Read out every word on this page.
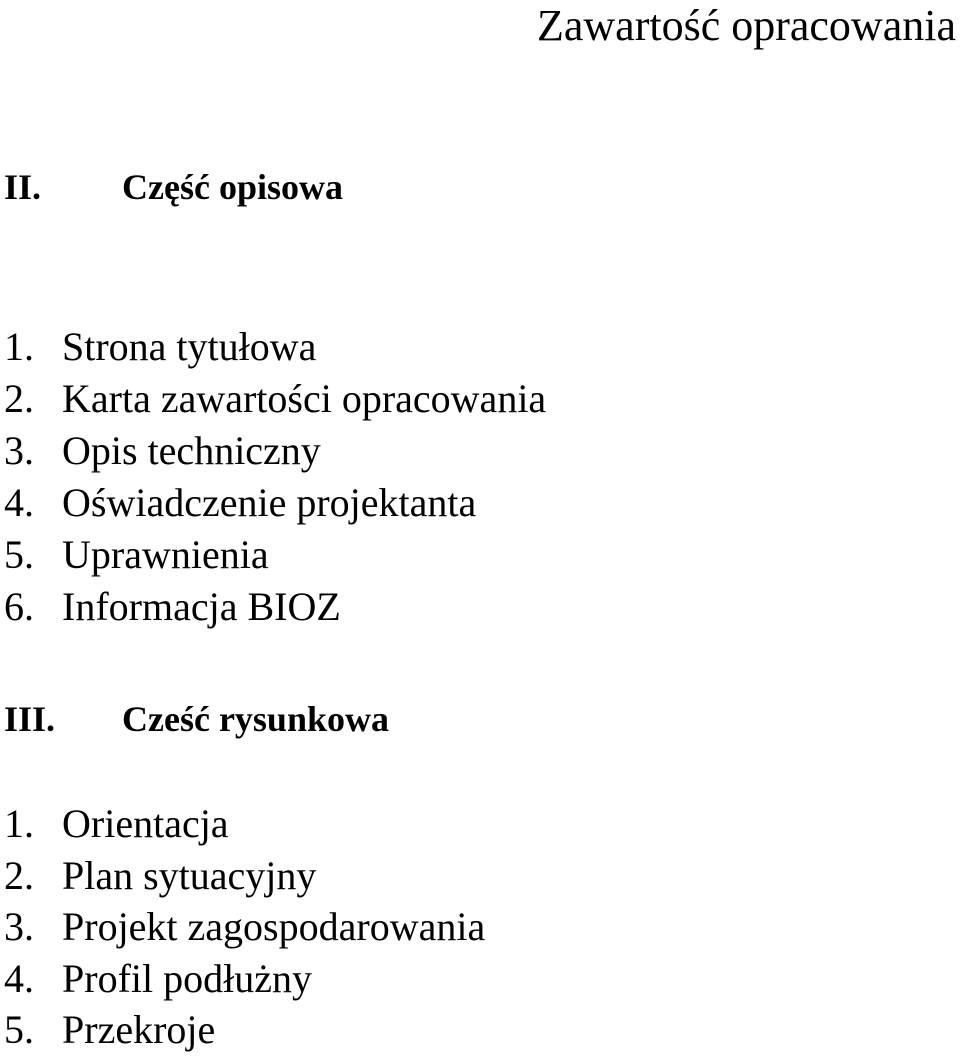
Zawartość opracowania
II. Część opisowa
1. Strona tytułowa
2. Karta zawartości opracowania
3. Opis techniczny
4. Oświadczenie projektanta
5. Uprawnienia
6. Informacja BIOZ
III. Cześć rysunkowa
1. Orientacja
2. Plan sytuacyjny
3. Projekt zagospodarowania
4. Profil podłużny
5. Przekroje
